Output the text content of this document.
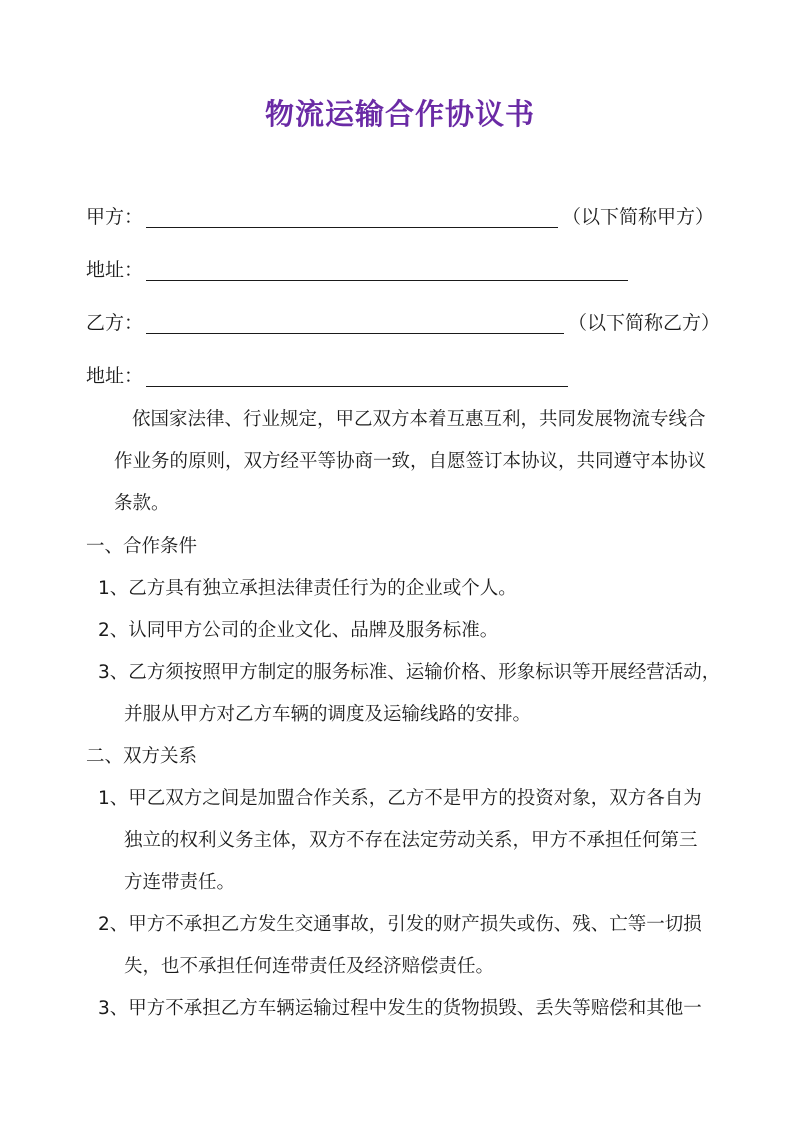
物流运输合作协议书
甲方：	（以下简称甲方）
地址：
乙方：	（以下简称乙方）
地址：
依国家法律、行业规定，甲乙双方本着互惠互利，共同发展物流专线合
作业务的原则，双方经平等协商一致，自愿签订本协议，共同遵守本协议
条款。
一、合作条件
1、乙方具有独立承担法律责任行为的企业或个人。
2、认同甲方公司的企业文化、品牌及服务标准。
3、乙方须按照甲方制定的服务标准、运输价格、形象标识等开展经营活动，
并服从甲方对乙方车辆的调度及运输线路的安排。
二、双方关系
1、甲乙双方之间是加盟合作关系，乙方不是甲方的投资对象，双方各自为
独立的权利义务主体，双方不存在法定劳动关系，甲方不承担任何第三
方连带责任。
2、甲方不承担乙方发生交通事故，引发的财产损失或伤、残、亡等一切损
失，也不承担任何连带责任及经济赔偿责任。
3、甲方不承担乙方车辆运输过程中发生的货物损毁、丢失等赔偿和其他一
